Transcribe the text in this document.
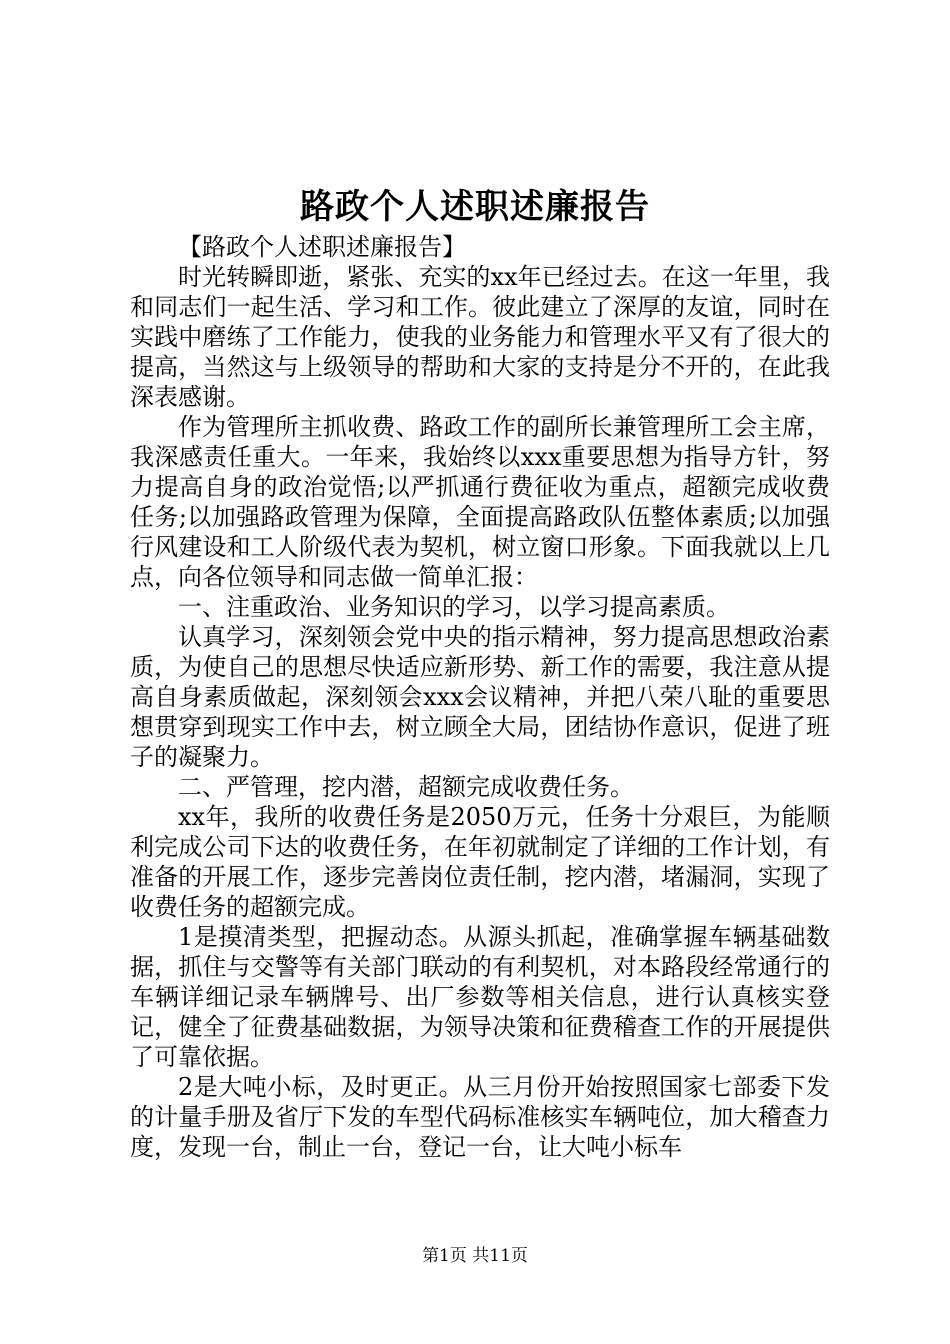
路政个人述职述廉报告

【路政个人述职述廉报告】

时光转瞬即逝，紧张、充实的xx年已经过去。在这一年里，我和同志们一起生活、学习和工作。彼此建立了深厚的友谊，同时在实践中磨练了工作能力，使我的业务能力和管理水平又有了很大的提高，当然这与上级领导的帮助和大家的支持是分不开的，在此我深表感谢。

作为管理所主抓收费、路政工作的副所长兼管理所工会主席，我深感责任重大。一年来，我始终以xxx重要思想为指导方针，努力提高自身的政治觉悟;以严抓通行费征收为重点，超额完成收费任务;以加强路政管理为保障，全面提高路政队伍整体素质;以加强行风建设和工人阶级代表为契机，树立窗口形象。下面我就以上几点，向各位领导和同志做一简单汇报：

一、注重政治、业务知识的学习，以学习提高素质。

认真学习，深刻领会党中央的指示精神，努力提高思想政治素质，为使自己的思想尽快适应新形势、新工作的需要，我注意从提高自身素质做起，深刻领会xxx会议精神，并把八荣八耻的重要思想贯穿到现实工作中去，树立顾全大局，团结协作意识，促进了班子的凝聚力。

二、严管理，挖内潜，超额完成收费任务。

xx年，我所的收费任务是2050万元，任务十分艰巨，为能顺利完成公司下达的收费任务，在年初就制定了详细的工作计划，有准备的开展工作，逐步完善岗位责任制，挖内潜，堵漏洞，实现了收费任务的超额完成。

1是摸清类型，把握动态。从源头抓起，准确掌握车辆基础数据，抓住与交警等有关部门联动的有利契机，对本路段经常通行的车辆详细记录车辆牌号、出厂参数等相关信息，进行认真核实登记，健全了征费基础数据，为领导决策和征费稽查工作的开展提供了可靠依据。

2是大吨小标，及时更正。从三月份开始按照国家七部委下发的计量手册及省厅下发的车型代码标准核实车辆吨位，加大稽查力度，发现一台，制止一台，登记一台，让大吨小标车

第1页 共11页
